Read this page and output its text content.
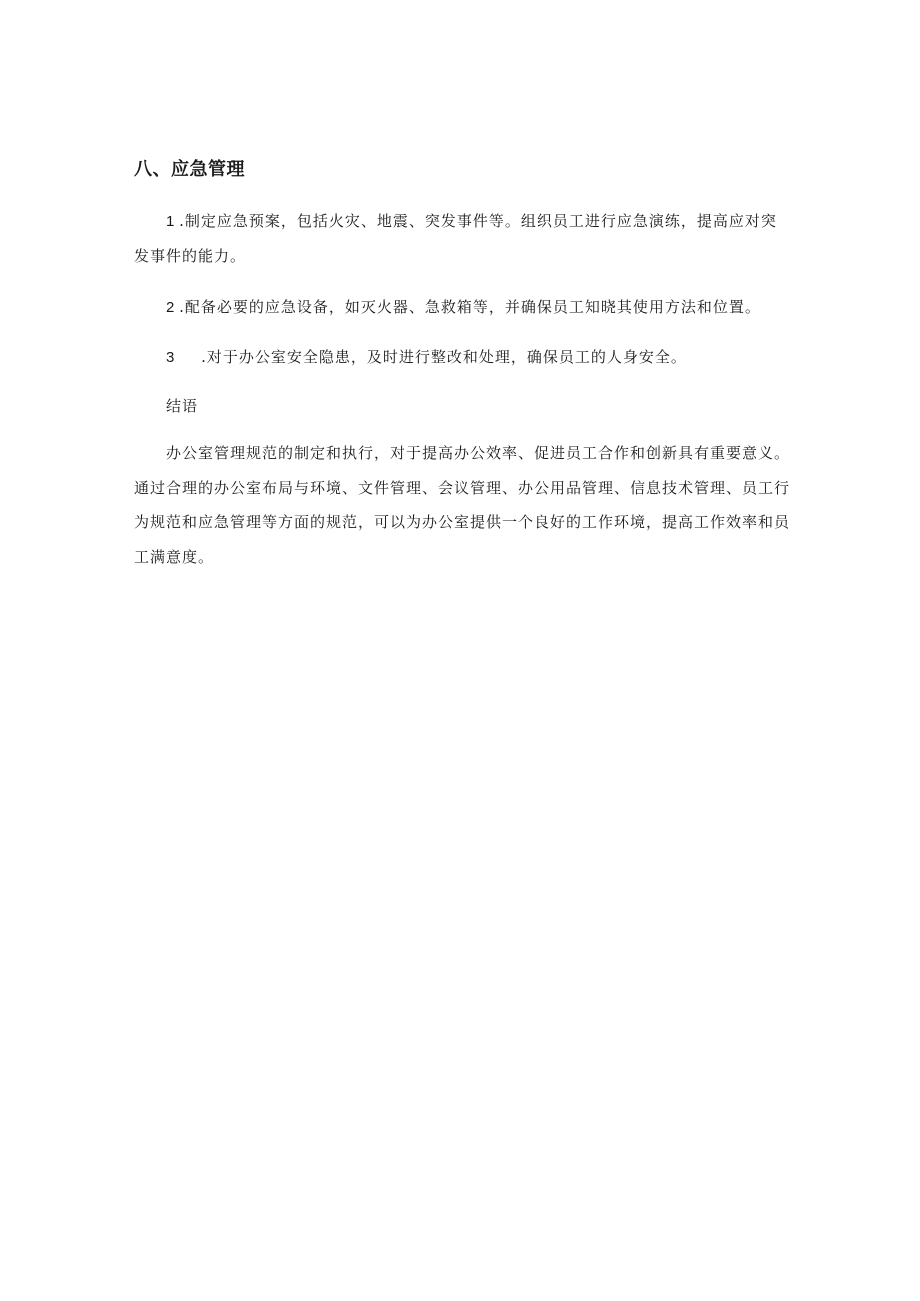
八、应急管理
1 .制定应急预案，包括火灾、地震、突发事件等。组织员工进行应急演练，提高应对突发事件的能力。
2 .配备必要的应急设备，如灭火器、急救箱等，并确保员工知晓其使用方法和位置。
3 .对于办公室安全隐患，及时进行整改和处理，确保员工的人身安全。
结语
办公室管理规范的制定和执行，对于提高办公效率、促进员工合作和创新具有重要意义。通过合理的办公室布局与环境、文件管理、会议管理、办公用品管理、信息技术管理、员工行为规范和应急管理等方面的规范，可以为办公室提供一个良好的工作环境，提高工作效率和员工满意度。
